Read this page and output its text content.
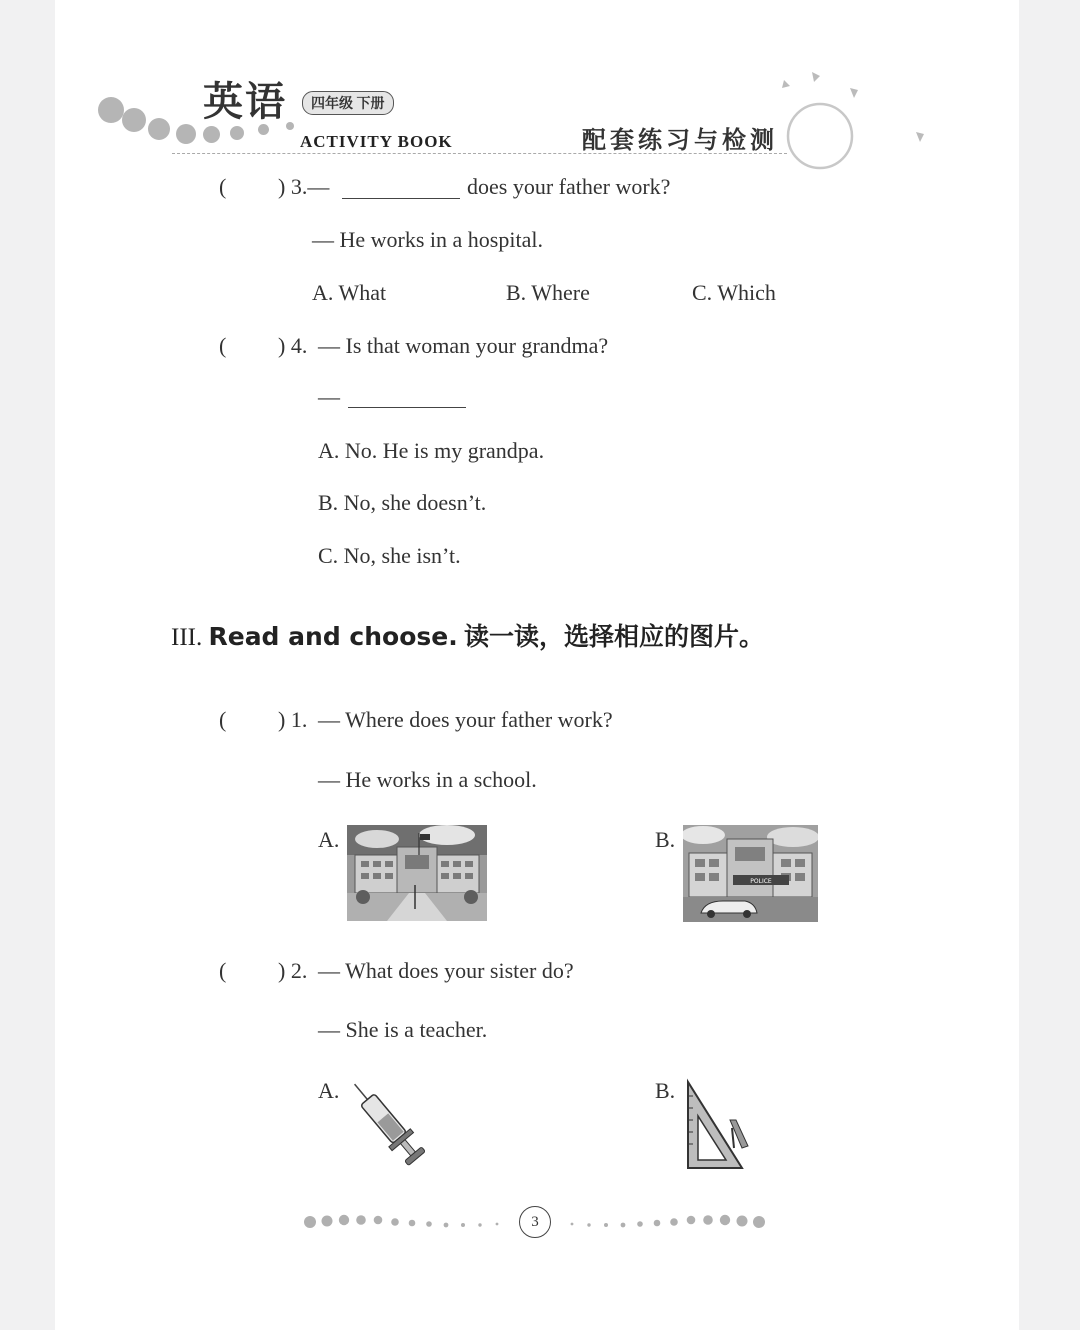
英语	四年级 下册
ACTIVITY BOOK	配套练习与检测
( ) 3.—	does your father work?
— He works in a hospital.
A. What	B. Where	C. Which
( ) 4. — Is that woman your grandma?
—
A. No. He is my grandpa.
B. No, she doesn’t.
C. No, she isn’t.
III. Read and choose. 读一读，选择相应的图片。
( ) 1. — Where does your father work?
— He works in a school.
A.	B.
POLICE
( ) 2. — What does your sister do?
— She is a teacher.
A.	B.
3
